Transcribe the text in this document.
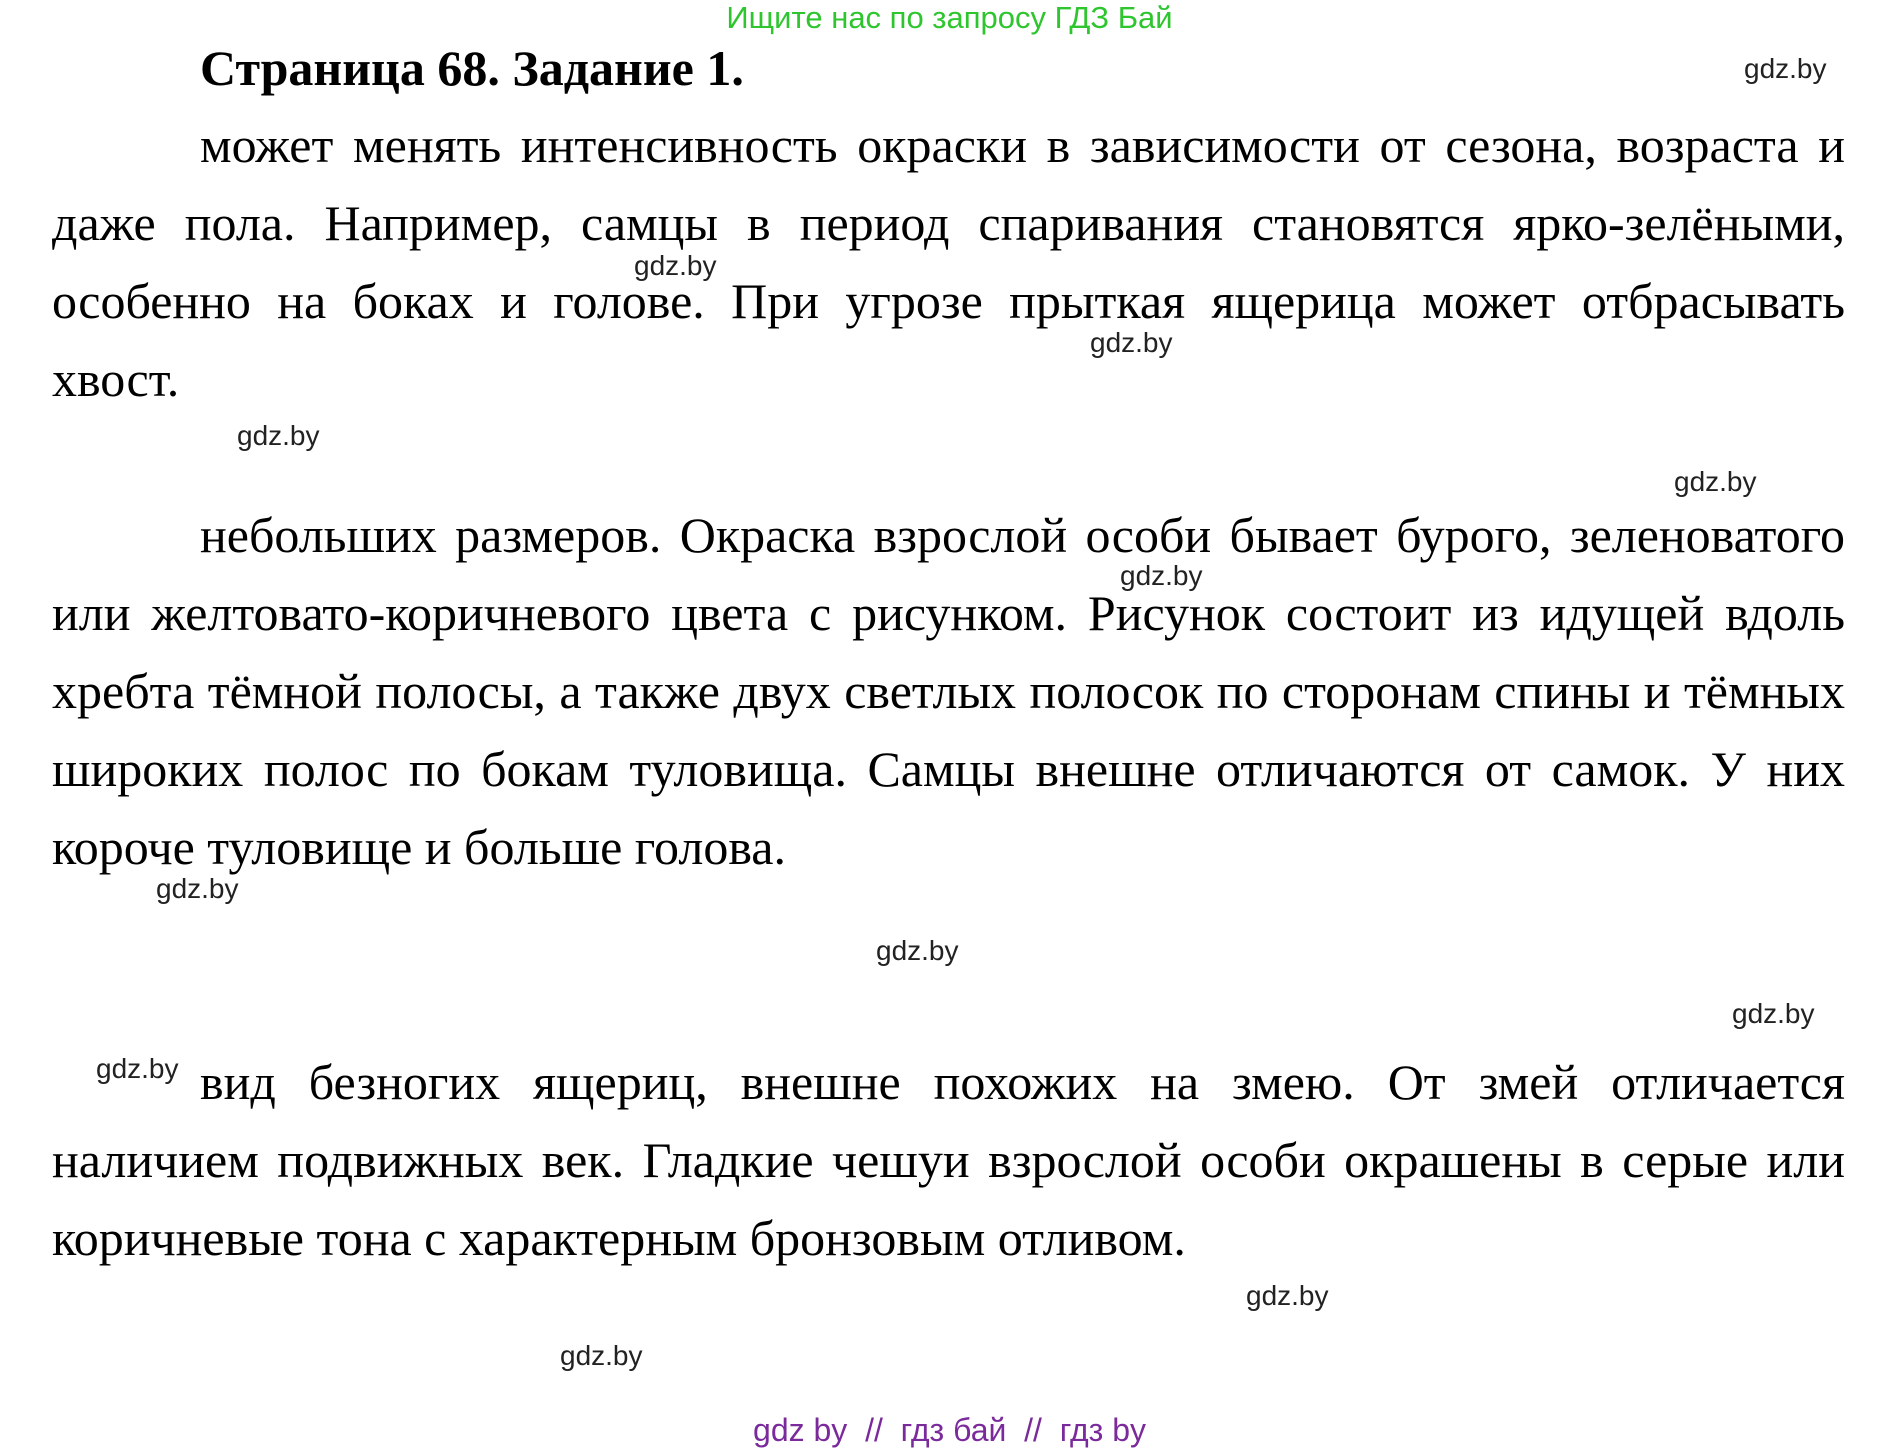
Ищите нас по запросу ГДЗ Бай
Страница 68. Задание 1.

может менять интенсивность окраски в зависимости от сезона, возраста и даже пола. Например, самцы в период спаривания становятся ярко-зелёными, особенно на боках и голове. При угрозе прыткая ящерица может отбрасывать хвост.

небольших размеров. Окраска взрослой особи бывает бурого, зеленоватого или желтовато-коричневого цвета с рисунком. Рисунок состоит из идущей вдоль хребта тёмной полосы, а также двух светлых полосок по сторонам спины и тёмных широких полос по бокам туловища. Самцы внешне отличаются от самок. У них короче туловище и больше голова.

вид безногих ящериц, внешне похожих на змею. От змей отличается наличием подвижных век. Гладкие чешуи взрослой особи окрашены в серые или коричневые тона с характерным бронзовым отливом.

gdz.by
gdz.by
gdz.by
gdz.by
gdz.by
gdz.by
gdz.by
gdz.by
gdz.by
gdz.by
gdz.by
gdz.by
gdz by  //  гдз бай  //  гдз by
